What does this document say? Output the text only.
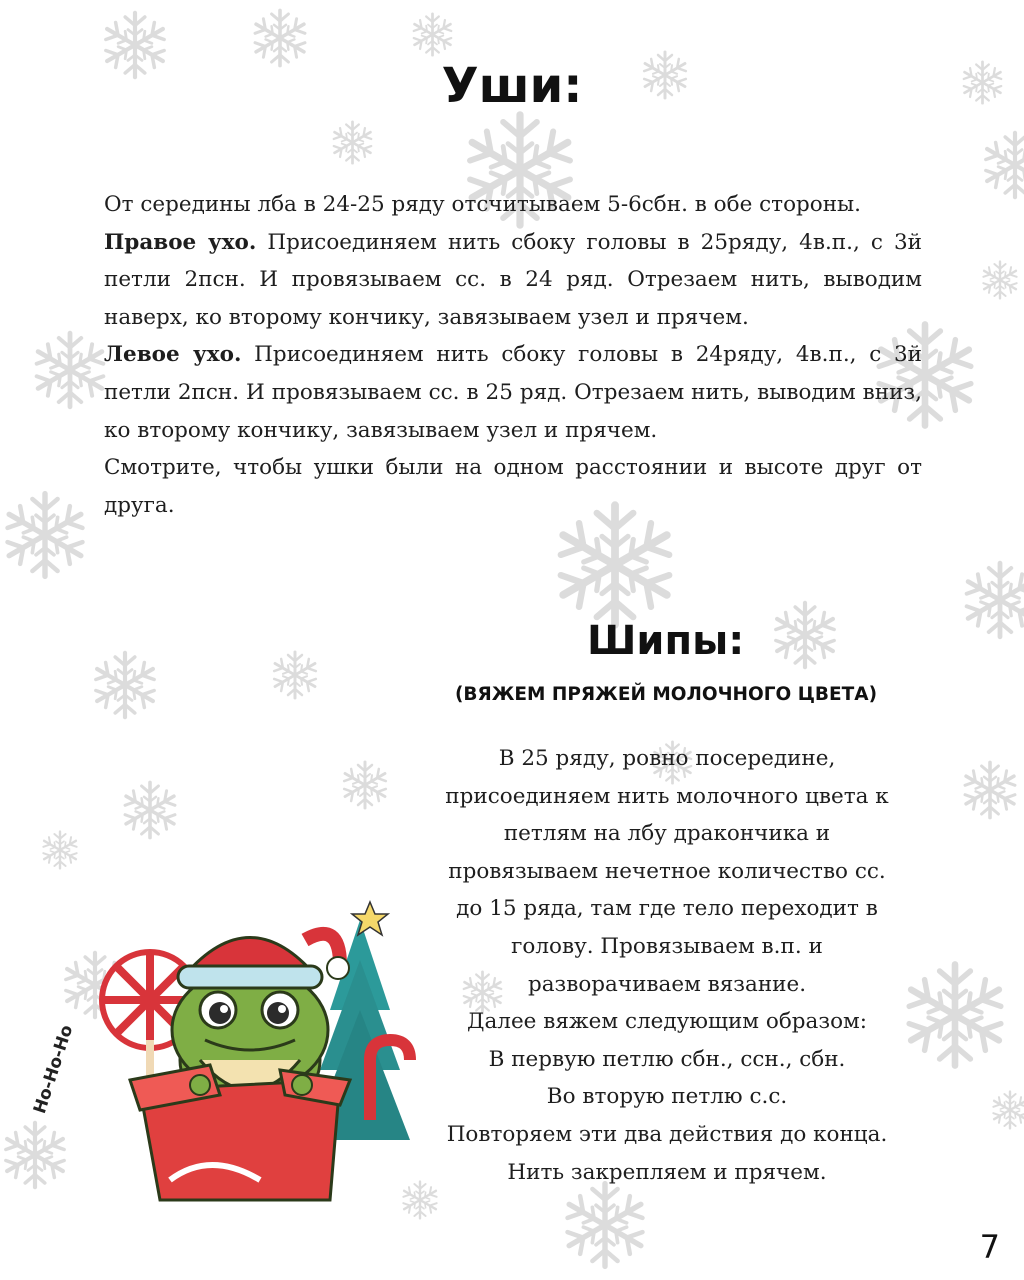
Уши:

От середины лба в 24-25 ряду отсчитываем 5-6сбн. в обе стороны.

Правое ухо. Присоединяем нить сбоку головы в 25ряду, 4в.п., с 3й петли 2псн. И провязываем сс. в 24 ряд. Отрезаем нить, выводим наверх, ко второму кончику, завязываем узел и прячем.

Левое ухо. Присоединяем нить сбоку головы в 24ряду, 4в.п., с 3й петли 2псн. И провязываем сс. в 25 ряд. Отрезаем нить, выводим вниз, ко второму кончику, завязываем узел и прячем.

Смотрите, чтобы ушки были на одном расстоянии и высоте друг от друга.

Шипы:
(ВЯЖЕМ ПРЯЖЕЙ МОЛОЧНОГО ЦВЕТА)

В 25 ряду, ровно посередине,

присоединяем нить молочного цвета к

петлям на лбу дракончика и

провязываем нечетное количество сс.

до 15 ряда, там где тело переходит в

голову. Провязываем в.п. и

разворачиваем вязание.

Далее вяжем следующим образом:

В первую петлю сбн., ссн., сбн.

Во вторую петлю с.с.

Повторяем эти два действия до конца.

Нить закрепляем и прячем.

Ho-Ho-Ho
7
